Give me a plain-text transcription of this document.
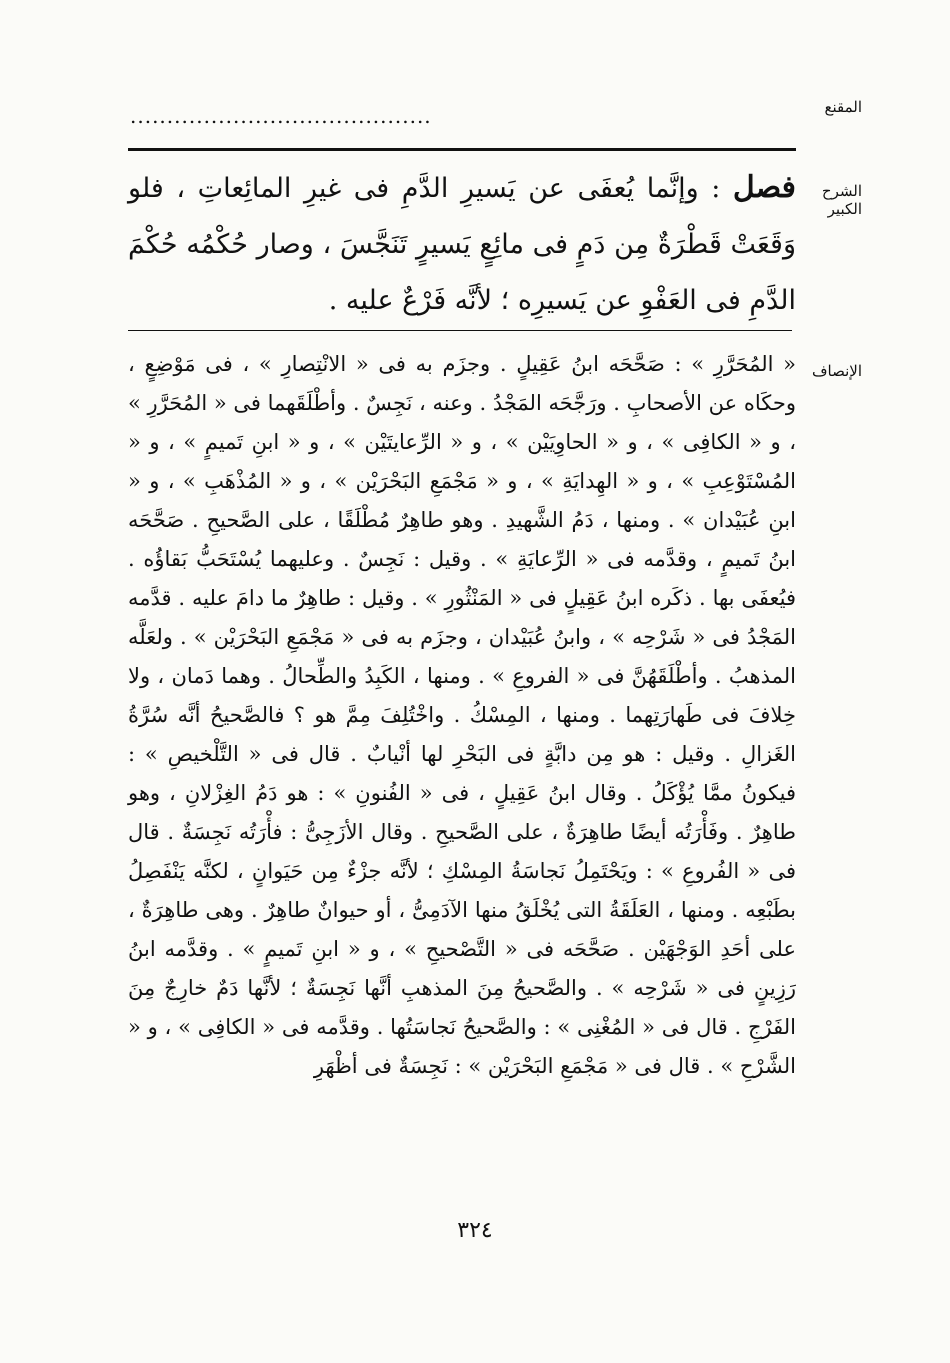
المقنع
.........................................
الشرح الكبير
فصل : وإنَّما يُعفَى عن يَسيرِ الدَّمِ فى غيرِ المائِعاتِ ، فلو وَقَعَتْ قَطْرَةٌ مِن دَمٍ فى مائِعٍ يَسيرٍ تَنَجَّسَ ، وصار حُكْمُه حُكْمَ الدَّمِ فى العَفْوِ عن يَسيرِه ؛ لأنَّه فَرْعٌ عليه .
الإنصاف
« المُحَرَّرِ » : صَحَّحَه ابنُ عَقِيلٍ . وجزَم به فى « الانْتِصارِ » ، فى مَوْضِعٍ ، وحكَاه عن الأصحابِ . ورَجَّحَه المَجْدُ . وعنه ، نَجِسٌ . وأطْلَقَهما فى « المُحَرَّرِ » ، و « الكافِى » ، و « الحاوِيَيْن » ، و « الرِّعايتَيْن » ، و « ابنِ تَميمٍ » ، و « المُسْتَوْعِبِ » ، و « الهِدايَةِ » ، و « مَجْمَعِ البَحْرَيْن » ، و « المُذْهَبِ » ، و « ابنِ عُبَيْدان » . ومنها ، دَمُ الشَّهيدِ . وهو طاهِرٌ مُطْلَقًا ، على الصَّحيحِ . صَحَّحَه ابنُ تَميمٍ ، وقدَّمه فى « الرِّعايَةِ » . وقيل : نَجِسٌ . وعليهما يُسْتَحَبُّ بَقاؤُه . فيُعفَى بها . ذكَره ابنُ عَقِيلٍ فى « المَنْثُورِ » . وقيل : طاهِرٌ ما دامَ عليه . قدَّمه المَجْدُ فى « شَرْحِه » ، وابنُ عُبَيْدان ، وجزَم به فى « مَجْمَعِ البَحْرَيْن » . ولعَلَّه المذهبُ . وأطْلَقَهُنَّ فى « الفروعِ » . ومنها ، الكَبِدُ والطِّحالُ . وهما دَمان ، ولا خِلافَ فى طَهارَتِهما . ومنها ، المِسْكُ . واخْتُلِفَ مِمَّ هو ؟ فالصَّحيحُ أنَّه سُرَّةُ الغَزالِ . وقيل : هو مِن دابَّةٍ فى البَحْرِ لها أنْيابٌ . قال فى « التَّلْخيصِ » : فيكونُ ممَّا يُؤْكَلُ . وقال ابنُ عَقِيلٍ ، فى « الفُنونِ » : هو دَمُ الغِزْلانِ ، وهو طاهِرٌ . وفَأْرَتُه أيضًا طاهِرَةٌ ، على الصَّحيحِ . وقال الأزَجِىُّ : فأْرَتُه نَجِسَةٌ . قال فى « الفُروعِ » : ويَحْتَمِلُ نَجاسَةُ المِسْكِ ؛ لأنَّه جزْءٌ مِن حَيَوانٍ ، لكنَّه يَنْفَصِلُ بطَبْعِه . ومنها ، العَلَقَةُ التى يُخْلَقُ منها الآدَمِىُّ ، أو حيوانٌ طاهِرٌ . وهى طاهِرَةٌ ، على أحَدِ الوَجْهَيْن . صَحَّحَه فى « التَّصْحيحِ » ، و « ابنِ تَميمٍ » . وقدَّمه ابنُ رَزِينٍ فى « شَرْحِه » . والصَّحيحُ مِنَ المذهبِ أنَّها نَجِسَةٌ ؛ لأنَّها دَمٌ خارِجٌ مِنَ الفَرْجِ . قال فى « المُغْنِى » : والصَّحيحُ نَجاسَتُها . وقدَّمه فى « الكافِى » ، و « الشَّرْحِ » . قال فى « مَجْمَعِ البَحْرَيْن » : نَجِسَةٌ فى أظْهَرِ
٣٢٤
